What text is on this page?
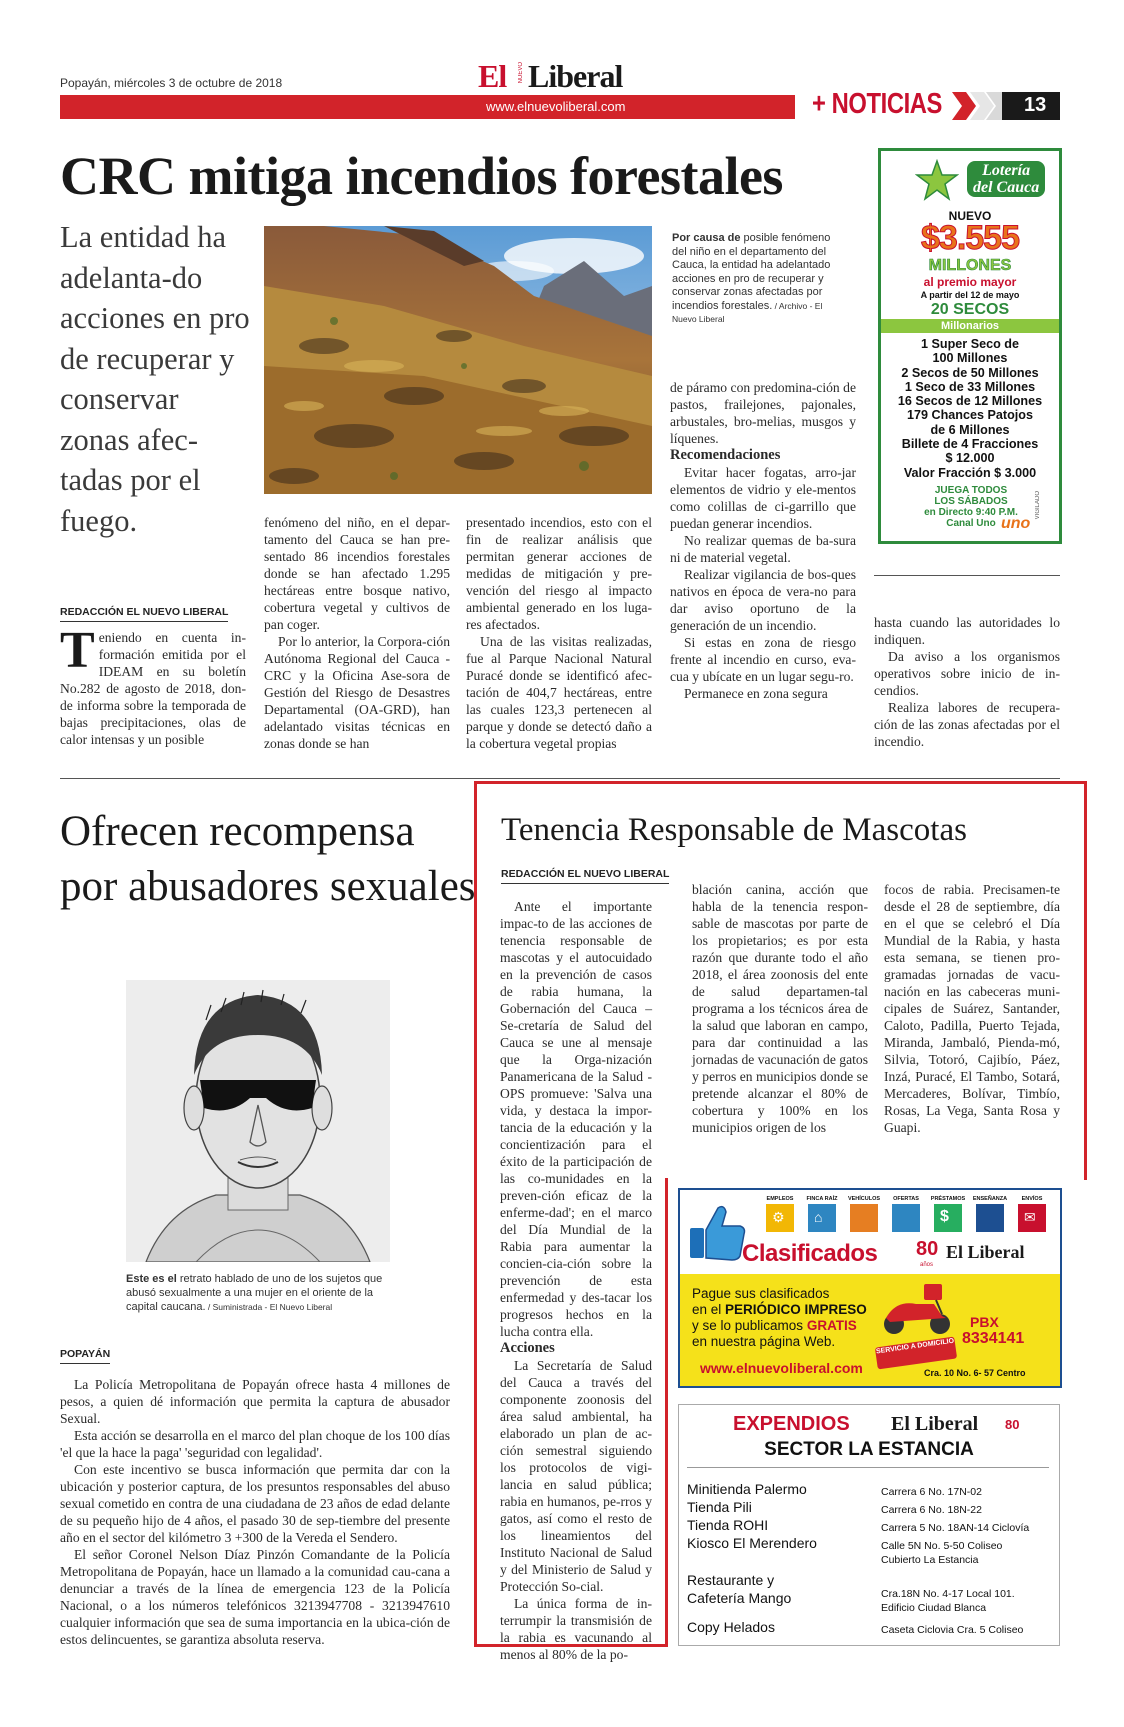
Popayán, miércoles 3 de octubre de 2018	El NUEVO Liberal
www.elnuevoliberal.com	+ NOTICIAS	13
CRC mitiga incendios forestales
La entidad ha adelanta-do acciones en pro de recuperar y conservar zonas afec-tadas por el fuego.
Por causa de posible fenómeno del niño en el departamento del Cauca, la entidad ha adelantado acciones en pro de recuperar y conservar zonas afectadas por incendios forestales. / Archivo - El Nuevo Liberal
REDACCIÓN EL NUEVO LIBERAL

Teniendo en cuenta in-formación emitida por el IDEAM en su boletín No.282 de agosto de 2018, don-de informa sobre la temporada de bajas precipitaciones, olas de calor intensas y un posible

fenómeno del niño, en el depar-tamento del Cauca se han pre-sentado 86 incendios forestales donde se han afectado 1.295 hectáreas entre bosque nativo, cobertura vegetal y cultivos de pan coger.

Por lo anterior, la Corpora-ción Autónoma Regional del Cauca - CRC y la Oficina Ase-sora de Gestión del Riesgo de Desastres Departamental (OA-GRD), han adelantado visitas técnicas en zonas donde se han

presentado incendios, esto con el fin de realizar análisis que permitan generar acciones de medidas de mitigación y pre-vención del riesgo al impacto ambiental generado en los luga-res afectados.

Una de las visitas realizadas, fue al Parque Nacional Natural Puracé donde se identificó afec-tación de 404,7 hectáreas, entre las cuales 123,3 pertenecen al parque y donde se detectó daño a la cobertura vegetal propias

de páramo con predomina-ción de pastos, frailejones, pajonales, arbustales, bro-melias, musgos y líquenes.

Recomendaciones

Evitar hacer fogatas, arro-jar elementos de vidrio y ele-mentos como colillas de ci-garrillo que puedan generar incendios.

No realizar quemas de ba-sura ni de material vegetal.

Realizar vigilancia de bos-ques nativos en época de vera-no para dar aviso oportuno de la generación de un incendio.

Si estas en zona de riesgo frente al incendio en curso, eva-cua y ubícate en un lugar segu-ro.

Permanece en zona segura

hasta cuando las autoridades lo indiquen.

Da aviso a los organismos operativos sobre inicio de in-cendios.

Realiza labores de recupera-ción de las zonas afectadas por el incendio.

Lotería
del Cauca
NUEVO
$3.555
MILLONES
al premio mayor
A partir del 12 de mayo
20 SECOS
Millonarios
1 Super Seco de
100 Millones
2 Secos de 50 Millones
1 Seco de 33 Millones
16 Secos de 12 Millones
179 Chances Patojos
de 6 Millones
Billete de 4 Fracciones
$ 12.000
Valor Fracción $ 3.000
JUEGA TODOS
LOS SÁBADOS
en Directo 9:40 P.M.
Canal Uno uno
VIGILADO
Ofrecen recompensa por abusadores sexuales
Este es el retrato hablado de uno de los sujetos que abusó sexualmente a una mujer en el oriente de la capital caucana. / Suministrada - El Nuevo Liberal
POPAYÁN

La Policía Metropolitana de Popayán ofrece hasta 4 millones de pesos, a quien dé información que permita la captura de abusador Sexual.

Esta acción se desarrolla en el marco del plan choque de los 100 días 'el que la hace la paga' 'seguridad con legalidad'.

Con este incentivo se busca información que permita dar con la ubicación y posterior captura, de los presuntos responsables del abuso sexual cometido en contra de una ciudadana de 23 años de edad delante de su pequeño hijo de 4 años, el pasado 30 de sep-tiembre del presente año en el sector del kilómetro 3 +300 de la Vereda el Sendero.

El señor Coronel Nelson Díaz Pinzón Comandante de la Policía Metropolitana de Popayán, hace un llamado a la comunidad cau-cana a denunciar a través de la línea de emergencia 123 de la Policía Nacional, o a los números telefónicos 3213947708 - 3213947610 cualquier información que sea de suma importancia en la ubica-ción de estos delincuentes, se garantiza absoluta reserva.

Tenencia Responsable de Mascotas
REDACCIÓN EL NUEVO LIBERAL

Ante el importante impac-to de las acciones de tenencia responsable de mascotas y el autocuidado en la prevención de casos de rabia humana, la Gobernación del Cauca – Se-cretaría de Salud del Cauca se une al mensaje que la Orga-nización Panamericana de la Salud - OPS promueve: 'Salva una vida, y destaca la impor-tancia de la educación y la concientización para el éxito de la participación de las co-munidades en la preven-ción eficaz de la enferme-dad'; en el marco del Día Mundial de la Rabia para aumentar la concien-cia-ción sobre la prevención de esta enfermedad y des-tacar los progresos hechos en la lucha contra ella.

Acciones

La Secretaría de Salud del Cauca a través del componente zoonosis del área salud ambiental, ha elaborado un plan de ac-ción semestral siguiendo los protocolos de vigi-lancia en salud pública; rabia en humanos, pe-rros y gatos, así como el resto de los lineamientos del Instituto Nacional de Salud y del Ministerio de Salud y Protección So-cial.

La única forma de in-terrumpir la transmisión de la rabia es vacunando al menos al 80% de la po-

blación canina, acción que habla de la tenencia respon-sable de mascotas por parte de los propietarios; es por esta razón que durante todo el año 2018, el área zoonosis del ente de salud departamen-tal programa a los técnicos área de la salud que laboran en campo, para dar continuidad a las jornadas de vacunación de gatos y perros en municipios donde se pretende alcanzar el 80% de cobertura y 100% en los municipios origen de los

focos de rabia. Precisamen-te desde el 28 de septiembre, día en el que se celebró el Día Mundial de la Rabia, y hasta esta semana, se tienen pro-gramadas jornadas de vacu-nación en las cabeceras muni-cipales de Suárez, Santander, Caloto, Padilla, Puerto Tejada, Miranda, Jambaló, Pienda-mó, Silvia, Totoró, Cajibío, Páez, Inzá, Puracé, El Tambo, Sotará, Mercaderes, Bolívar, Timbío, Rosas, La Vega, Santa Rosa y Guapi.

EMPLEOS	FINCA RAÍZ	VEHÍCULOS	OFERTAS	PRÉSTAMOS ENSEÑANZA	ENVÍOS
⚙ ⌂	$	✉
Clasificados 80
años
El Liberal
Pague sus clasificados
en el PERIÓDICO IMPRESO
y se lo publicamos GRATIS
en nuestra página Web.
www.elnuevoliberal.com
SERVICIO A DOMICILIO
PBX
8334141
Cra. 10 No. 6- 57 Centro
EXPENDIOS El Liberal 80
SECTOR LA ESTANCIA
Minitienda Palermo	Carrera 6 No. 17N-02
Tienda Pili	Carrera 6 No. 18N-22
Tienda ROHI	Carrera 5 No. 18AN-14 Ciclovía
Kiosco El Merendero	Calle 5N No. 5-50 Coliseo Cubierto La Estancia
Restaurante y Cafetería Mango	Cra.18N No. 4-17 Local 101. Edificio Ciudad Blanca
Copy Helados	Caseta Ciclovia Cra. 5 Coliseo
